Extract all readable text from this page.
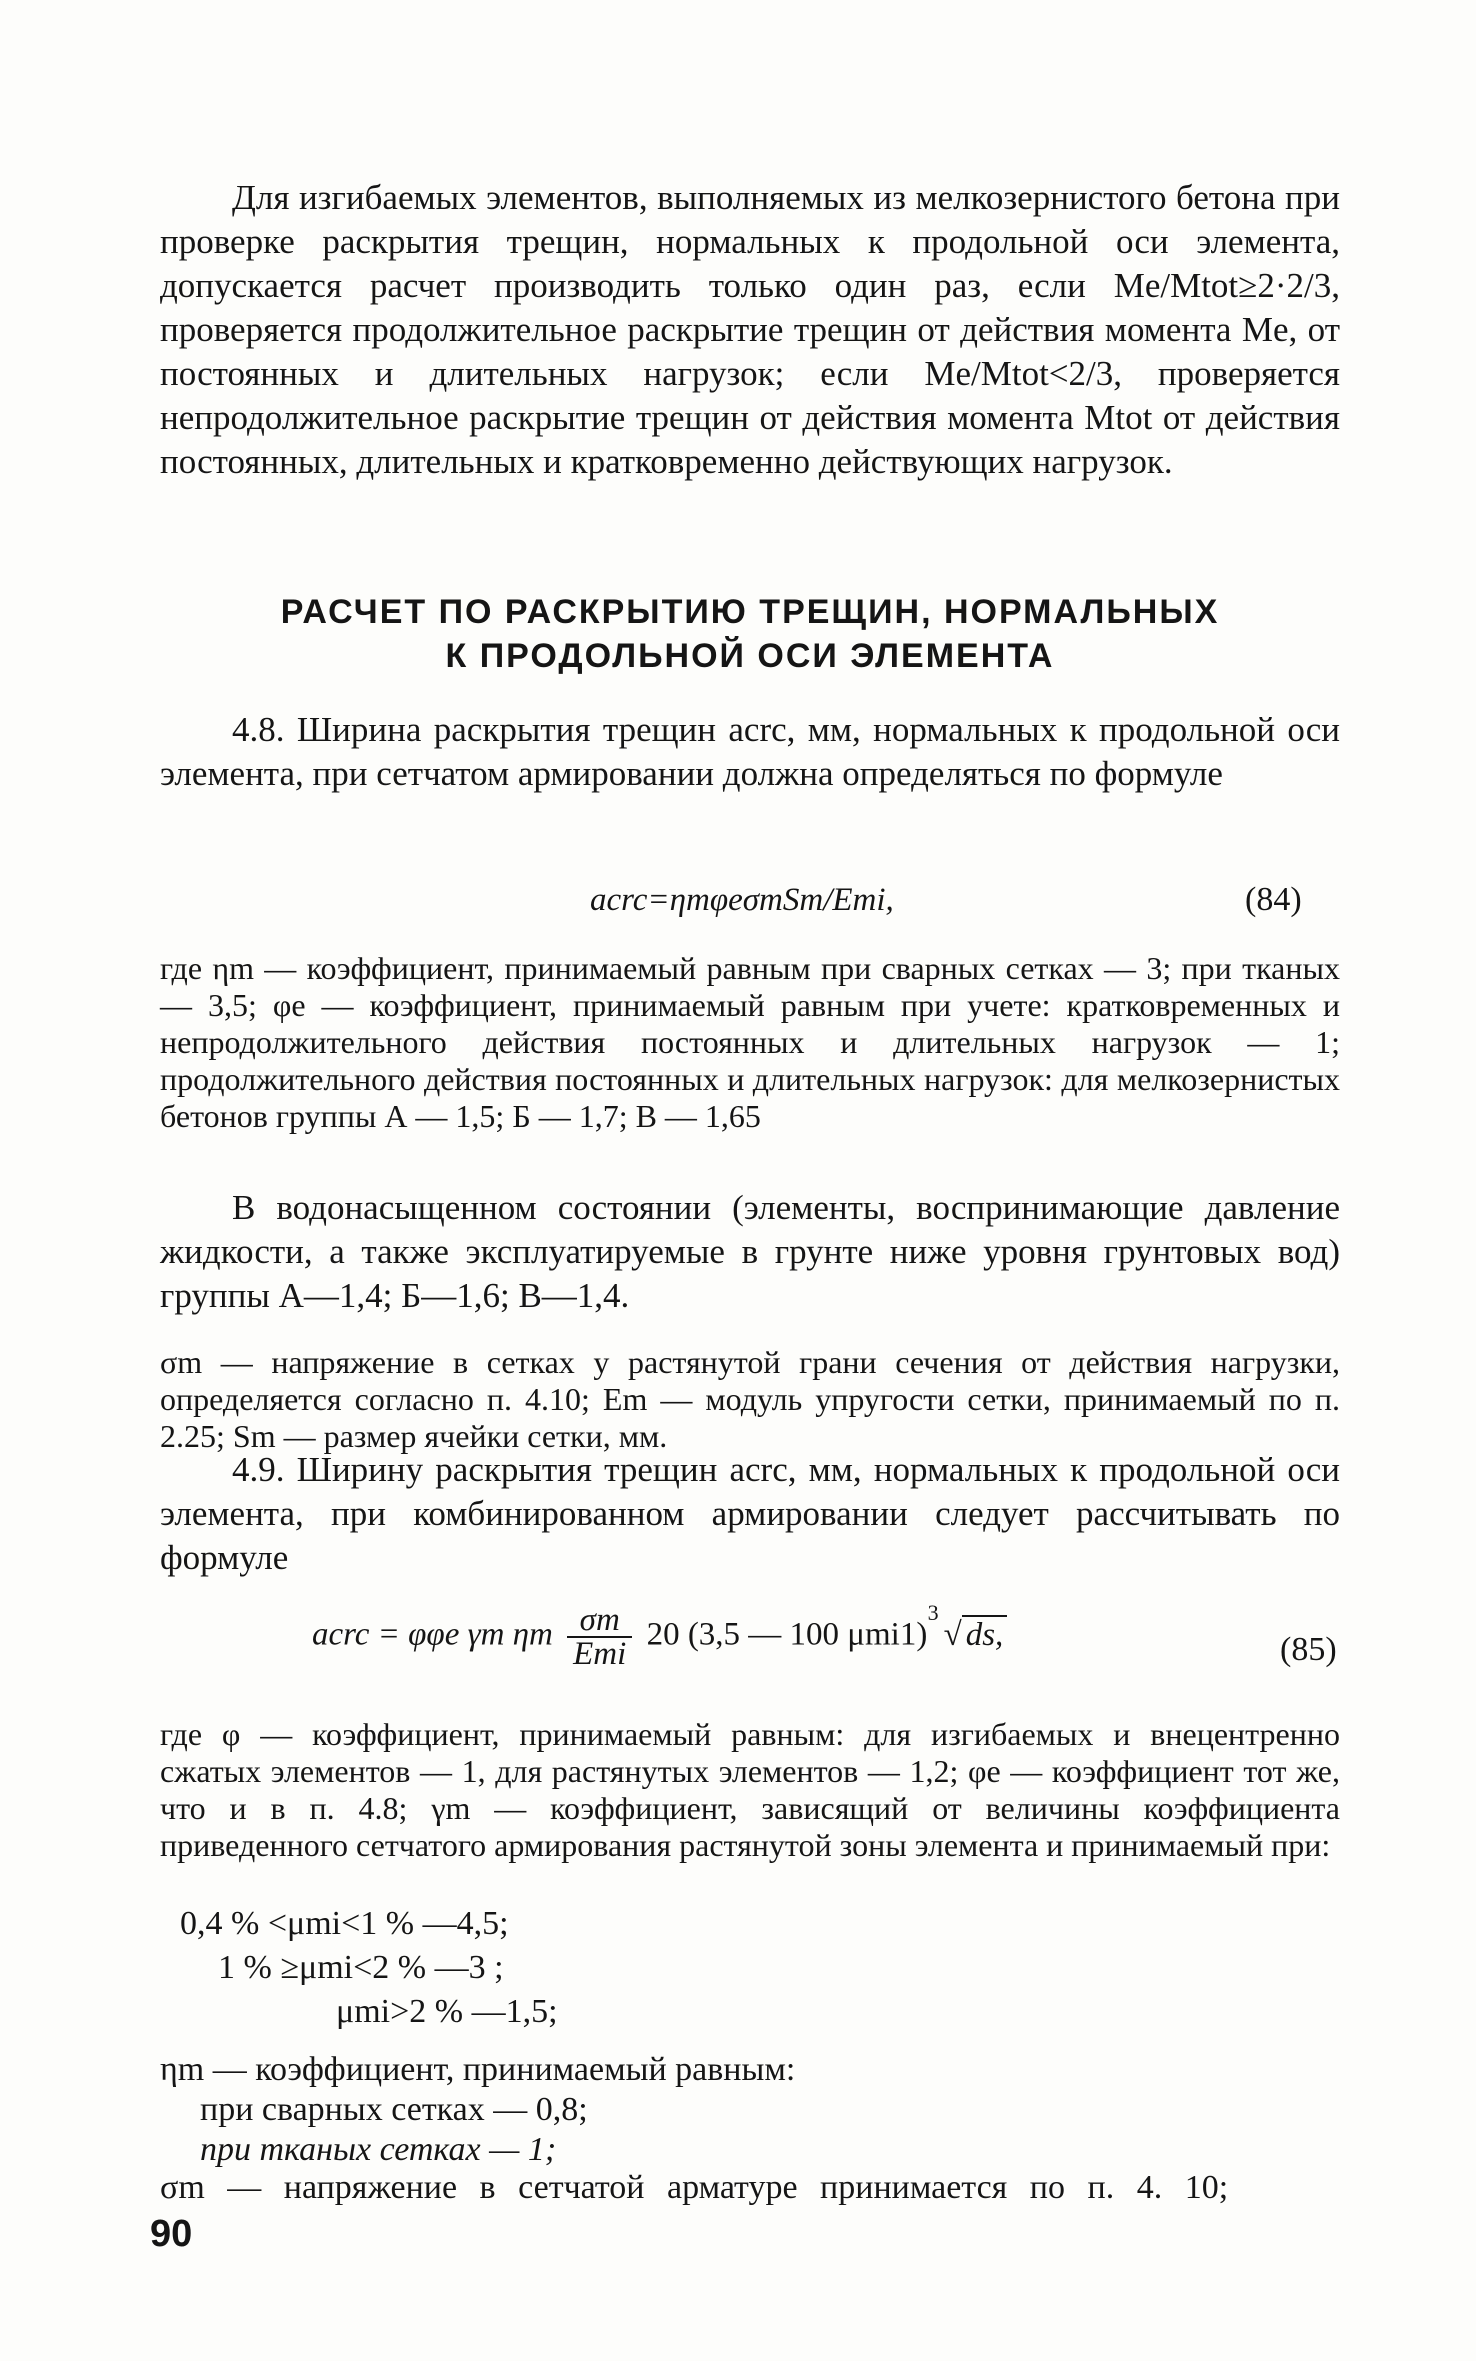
Для изгибаемых элементов, выполняемых из мелкозернистого бетона при проверке раскрытия трещин, нормальных к продольной оси элемента, допускается расчет производить только один раз, если Me/Mtot≥2·2/3, проверяется продолжительное раскрытие трещин от действия момента Me, от постоянных и длительных нагрузок; если Me/Mtot<2/3, проверяется непродолжительное раскрытие трещин от действия момента Mtot от действия постоянных, длительных и кратковременно действующих нагрузок.

РАСЧЕТ ПО РАСКРЫТИЮ ТРЕЩИН, НОРМАЛЬНЫХ
К ПРОДОЛЬНОЙ ОСИ ЭЛЕМЕНТА

4.8. Ширина раскрытия трещин acrc, мм, нормальных к продольной оси элемента, при сетчатом армировании должна определяться по формуле

acrc=ηmφeσmSm/Emi,	(84)

где ηm — коэффициент, принимаемый равным при сварных сетках — 3; при тканых — 3,5; φe — коэффициент, принимаемый равным при учете: кратковременных и непродолжительного действия постоянных и длительных нагрузок — 1; продолжительного действия постоянных и длительных нагрузок: для мелкозернистых бетонов группы А — 1,5; Б — 1,7; В — 1,65

В водонасыщенном состоянии (элементы, воспринимающие давление жидкости, а также эксплуатируемые в грунте ниже уровня грунтовых вод) группы А—1,4; Б—1,6; В—1,4.

σm — напряжение в сетках у растянутой грани сечения от действия нагрузки, определяется согласно п. 4.10; Em — модуль упругости сетки, принимаемый по п. 2.25; Sm — размер ячейки сетки, мм.

4.9. Ширину раскрытия трещин acrc, мм, нормальных к продольной оси элемента, при комбинированном армировании следует рассчитывать по формуле

acrc = φφe γm ηm $\frac{\sigma m}{\text{Emi}} 20$ (3,5 — 100 μmi1)
3
√ ds,	(85)

где φ — коэффициент, принимаемый равным: для изгибаемых и внецентренно сжатых элементов — 1, для растянутых элементов — 1,2; φe — коэффициент тот же, что и в п. 4.8; γm — коэффициент, зависящий от величины коэффициента приведенного сетчатого армирования растянутой зоны элемента и принимаемый при:

0,4 % <μmi<1 % —4,5;
1 % ≥μmi<2 % —3 ;
μmi>2 % —1,5;
ηm — коэффициент, принимаемый равным:
при сварных сетках — 0,8;
при тканых сетках — 1;
σm — напряжение в сетчатой арматуре принимается по п. 4. 10;
90
